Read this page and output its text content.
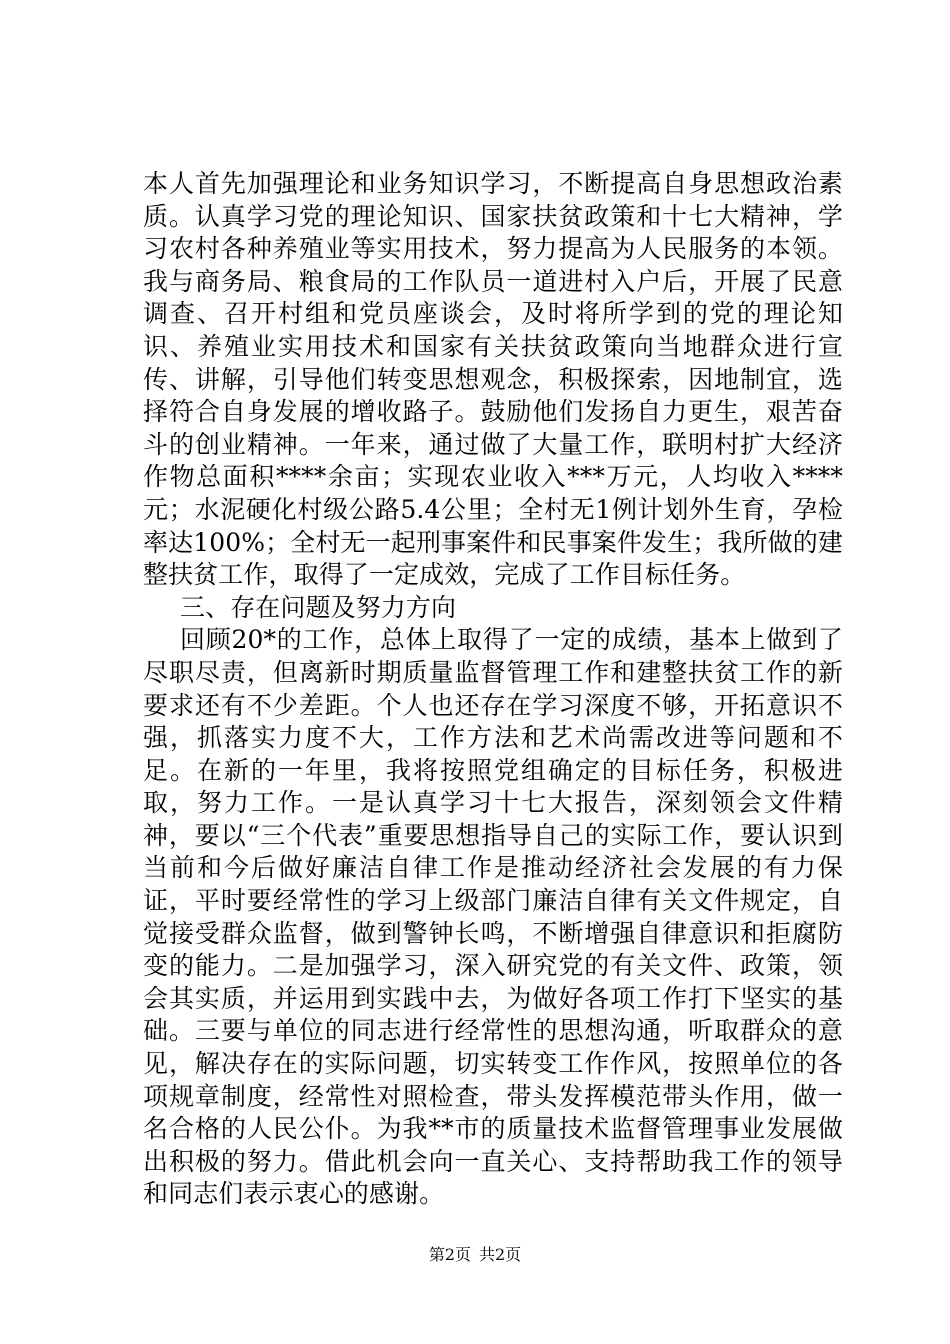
本人首先加强理论和业务知识学习，不断提高自身思想政治素质。认真学习党的理论知识、国家扶贫政策和十七大精神，学习农村各种养殖业等实用技术，努力提高为人民服务的本领。我与商务局、粮食局的工作队员一道进村入户后，开展了民意调查、召开村组和党员座谈会，及时将所学到的党的理论知识、养殖业实用技术和国家有关扶贫政策向当地群众进行宣传、讲解，引导他们转变思想观念，积极探索，因地制宜，选择符合自身发展的增收路子。鼓励他们发扬自力更生，艰苦奋斗的创业精神。一年来，通过做了大量工作，联明村扩大经济作物总面积****余亩；实现农业收入***万元，人均收入****元；水泥硬化村级公路5.4公里；全村无1例计划外生育，孕检率达100%；全村无一起刑事案件和民事案件发生；我所做的建整扶贫工作，取得了一定成效，完成了工作目标任务。

三、存在问题及努力方向

回顾20*的工作，总体上取得了一定的成绩，基本上做到了尽职尽责，但离新时期质量监督管理工作和建整扶贫工作的新要求还有不少差距。个人也还存在学习深度不够，开拓意识不强，抓落实力度不大，工作方法和艺术尚需改进等问题和不足。在新的一年里，我将按照党组确定的目标任务，积极进取，努力工作。一是认真学习十七大报告，深刻领会文件精神，要以“三个代表”重要思想指导自己的实际工作，要认识到当前和今后做好廉洁自律工作是推动经济社会发展的有力保证，平时要经常性的学习上级部门廉洁自律有关文件规定，自觉接受群众监督，做到警钟长鸣，不断增强自律意识和拒腐防变的能力。二是加强学习，深入研究党的有关文件、政策，领会其实质，并运用到实践中去，为做好各项工作打下坚实的基础。三要与单位的同志进行经常性的思想沟通，听取群众的意见，解决存在的实际问题，切实转变工作作风，按照单位的各项规章制度，经常性对照检查，带头发挥模范带头作用，做一名合格的人民公仆。为我**市的质量技术监督管理事业发展做出积极的努力。借此机会向一直关心、支持帮助我工作的领导和同志们表示衷心的感谢。

第2页 共2页
